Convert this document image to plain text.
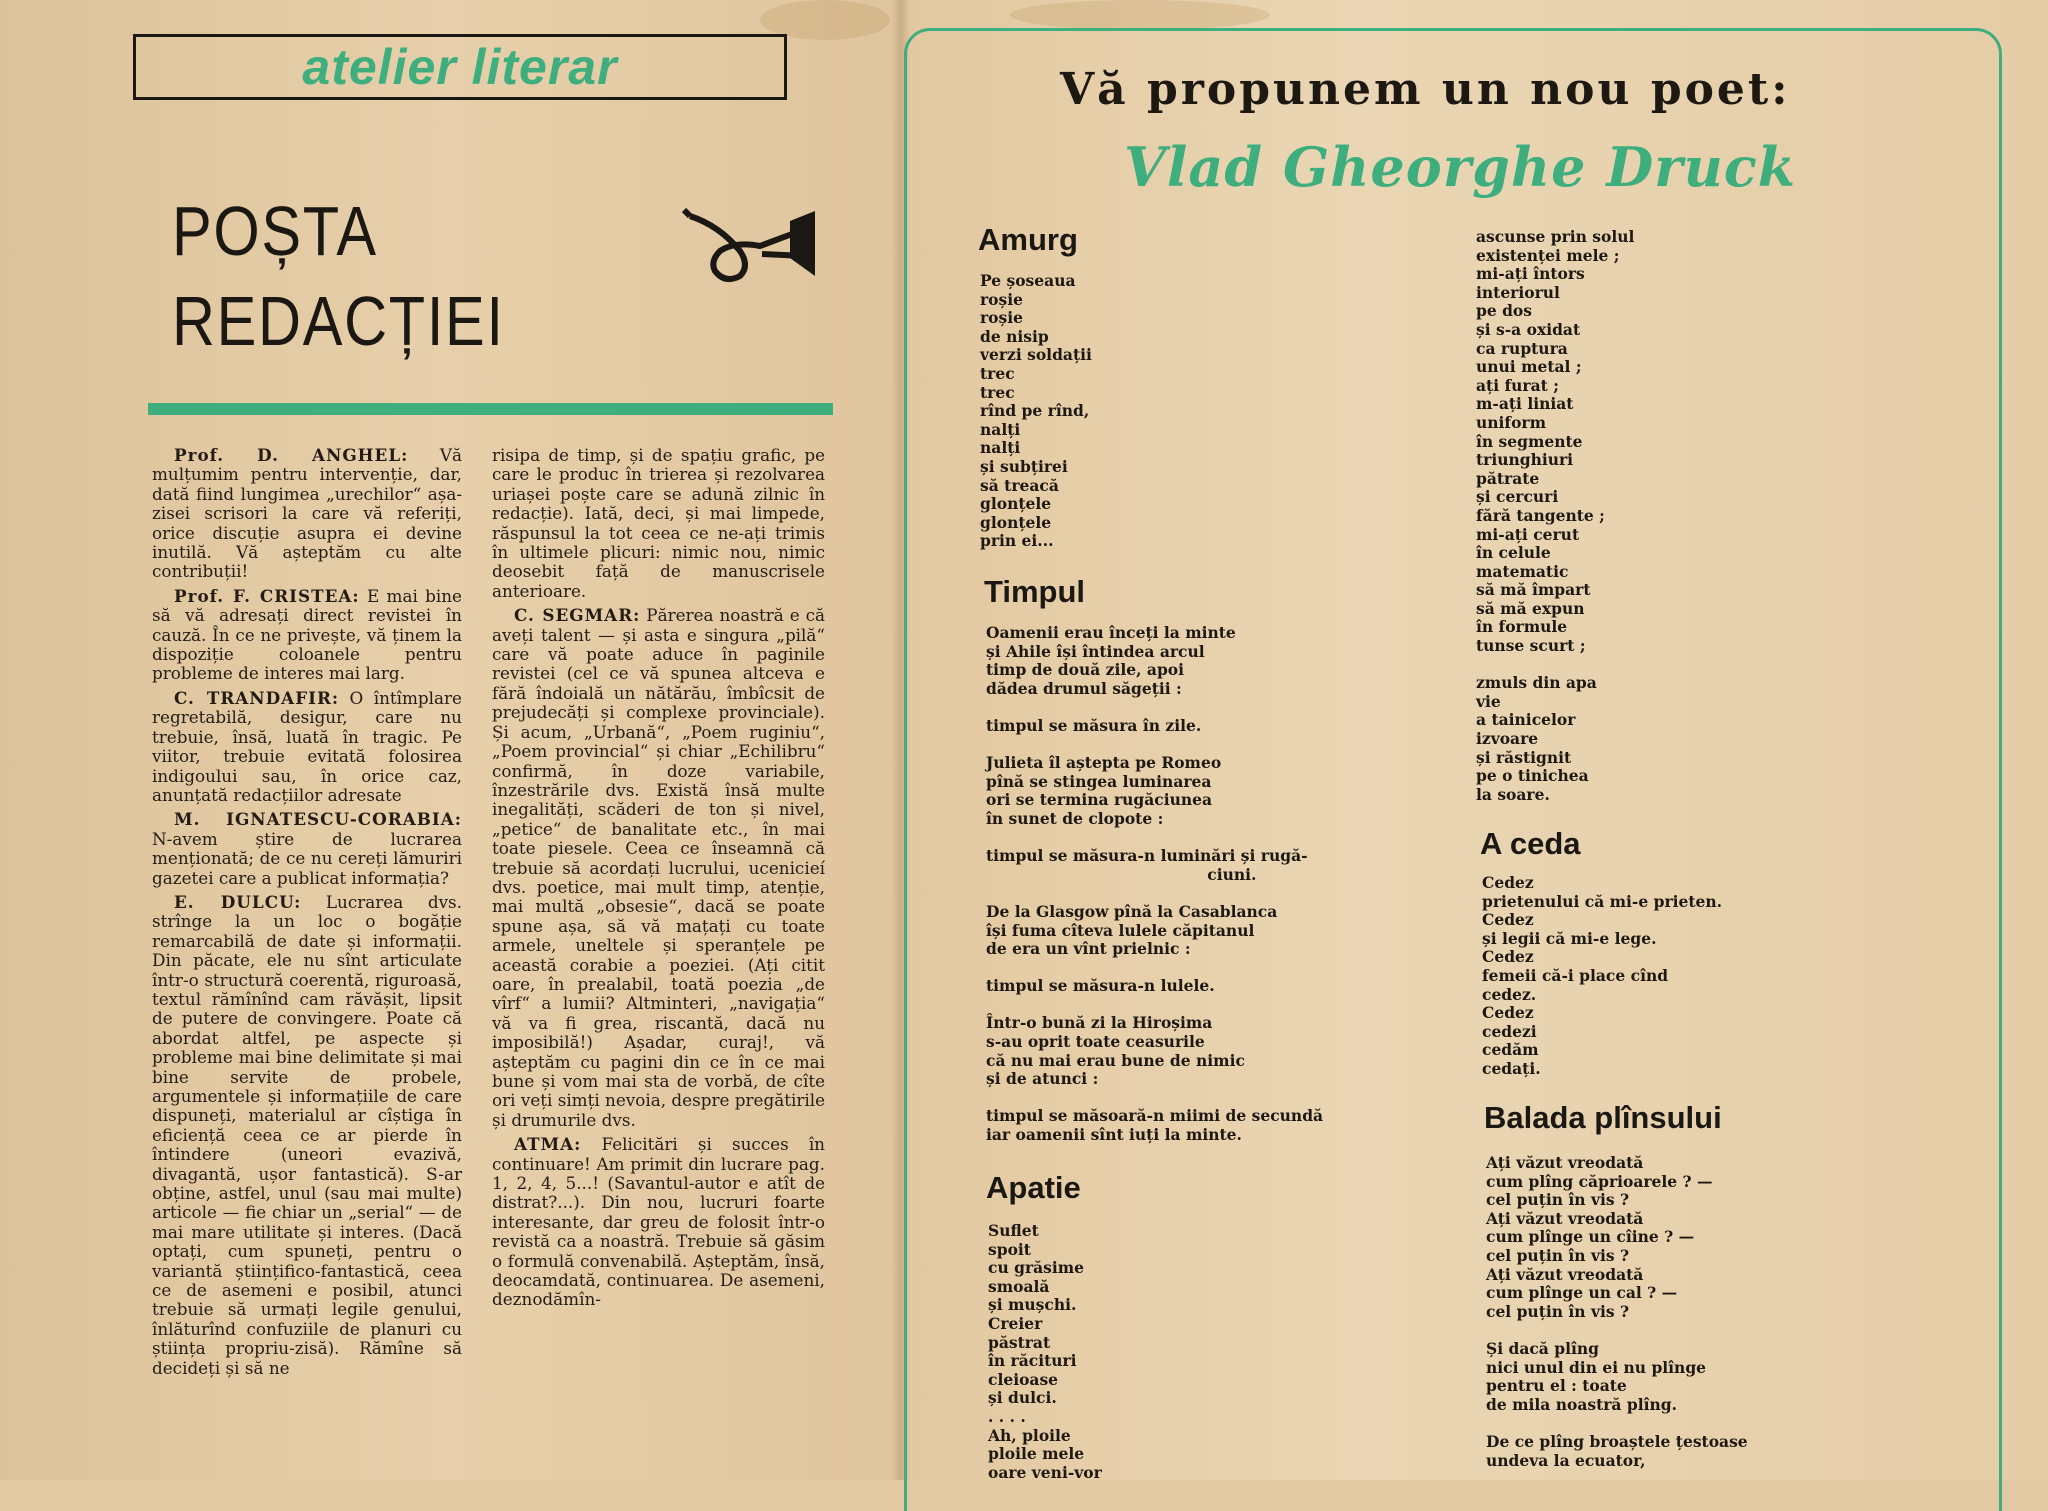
atelier literar
POȘTA
REDACȚIEI

Prof. D. ANGHEL: Vă mulțumim pentru intervenție, dar, dată fiind lungimea „urechilor“ așa-zisei scrisori la care vă referiți, orice discuție asupra ei devine inutilă. Vă așteptăm cu alte contribuții!

Prof. F. CRISTEA: E mai bine să vă adresați direct revistei în cauză. În ce ne privește, vă ținem la dispoziție coloanele pentru probleme de interes mai larg.

C. TRANDAFIR: O întîmplare regretabilă, desigur, care nu trebuie, însă, luată în tragic. Pe viitor, trebuie evitată folosirea indigoului sau, în orice caz, anunțată redacțiilor adresate

M. IGNATESCU-CORABIA: N-avem știre de lucrarea menționată; de ce nu cereți lămuriri gazetei care a publicat informația?

E. DULCU: Lucrarea dvs. strînge la un loc o bogăție remarcabilă de date și informații. Din păcate, ele nu sînt articulate într-o structură coerentă, riguroasă, textul rămînînd cam răvășit, lipsit de putere de convingere. Poate că abordat altfel, pe aspecte și probleme mai bine delimitate și mai bine servite de probele, argumentele și informațiile de care dispuneți, materialul ar cîștiga în eficiență ceea ce ar pierde în întindere (uneori evazivă, divagantă, ușor fantastică). S-ar obține, astfel, unul (sau mai multe) articole — fie chiar un „serial“ — de mai mare utilitate și interes. (Dacă optați, cum spuneți, pentru o variantă științifico-fantastică, ceea ce de asemeni e posibil, atunci trebuie să urmați legile genului, înlăturînd confuziile de planuri cu știința propriu-zisă). Rămîne să decideți și să ne

risipa de timp, și de spațiu grafic, pe care le produc în trierea și rezolvarea uriașei poște care se adună zilnic în redacție). Iată, deci, și mai limpede, răspunsul la tot ceea ce ne-ați trimis în ultimele plicuri: nimic nou, nimic deosebit față de manuscrisele anterioare.

C. SEGMAR: Părerea noastră e că aveți talent — și asta e singura „pilă“ care vă poate aduce în paginile revistei (cel ce vă spunea altceva e fără îndoială un nătărău, îmbîcsit de prejudecăți și complexe provinciale). Și acum, „Urbană“, „Poem ruginiu“, „Poem provincial“ și chiar „Echilibru“ confirmă, în doze variabile, înzestrările dvs. Există însă multe inegalități, scăderi de ton și nivel, „petice“ de banalitate etc., în mai toate piesele. Ceea ce înseamnă că trebuie să acordați lucrului, ucenicieí dvs. poetice, mai mult timp, atenție, mai multă „obsesie“, dacă se poate spune așa, să vă mațați cu toate armele, uneltele și speranțele pe această corabie a poeziei. (Ați citit oare, în prealabil, toată poezia „de vîrf“ a lumii? Altminteri, „navigația“ vă va fi grea, riscantă, dacă nu imposibilă!) Așadar, curaj!, vă așteptăm cu pagini din ce în ce mai bune și vom mai sta de vorbă, de cîte ori veți simți nevoia, despre pregătirile și drumurile dvs.

ATMA: Felicitări și succes în continuare! Am primit din lucrare pag. 1, 2, 4, 5...! (Savantul-autor e atît de distrat?...). Din nou, lucruri foarte interesante, dar greu de folosit într-o revistă ca a noastră. Trebuie să găsim o formulă convenabilă. Așteptăm, însă, deocamdată, continuarea. De asemeni, deznodămîn-

Vă propunem un nou poet:
Vlad Gheorghe Druck
Amurg
Pe șoseaua
roșie
roșie
de nisip
verzi soldații
trec
trec
rînd pe rînd,
nalți
nalți
și subțirei
să treacă
glonțele
glonțele
prin ei...
Timpul
Oamenii erau înceți la minte
și Ahile își întindea arcul
timp de două zile, apoi
dădea drumul săgeții :

timpul se măsura în zile.

Julieta îl aștepta pe Romeo
pînă se stingea luminarea
ori se termina rugăciunea
în sunet de clopote :

timpul se măsura-n luminări și rugă-
ciuni.

De la Glasgow pînă la Casablanca
își fuma cîteva lulele căpitanul
de era un vînt prielnic :

timpul se măsura-n lulele.

Într-o bună zi la Hiroșima
s-au oprit toate ceasurile
că nu mai erau bune de nimic
și de atunci :

timpul se măsoară-n miimi de secundă
iar oamenii sînt iuți la minte.
Apatie
Suflet
spoit
cu grăsime
smoală
și mușchi.
Creier
păstrat
în răcituri
cleioase
și dulci.
. . . .
Ah, ploile
ploile mele
oare veni-vor
ascunse prin solul
existenței mele ;
mi-ați întors
interiorul
pe dos
și s-a oxidat
ca ruptura
unui metal ;
ați furat ;
m-ați liniat
uniform
în segmente
triunghiuri
pătrate
și cercuri
fără tangente ;
mi-ați cerut
în celule
matematic
să mă împart
să mă expun
în formule
tunse scurt ;

zmuls din apa
vie
a tainicelor
izvoare
și răstignit
pe o tinichea
la soare.
A ceda
Cedez
prietenului că mi-e prieten.
Cedez
și legii că mi-e lege.
Cedez
femeii că-i place cînd
cedez.
Cedez
cedezi
cedăm
cedați.
Balada plînsului
Ați văzut vreodată
cum plîng căprioarele ? —
cel puțin în vis ?
Ați văzut vreodată
cum plînge un cîine ? —
cel puțin în vis ?
Ați văzut vreodată
cum plînge un cal ? —
cel puțin în vis ?

Și dacă plîng
nici unul din ei nu plînge
pentru el : toate
de mila noastră plîng.

De ce plîng broaștele țestoase
undeva la ecuator,
